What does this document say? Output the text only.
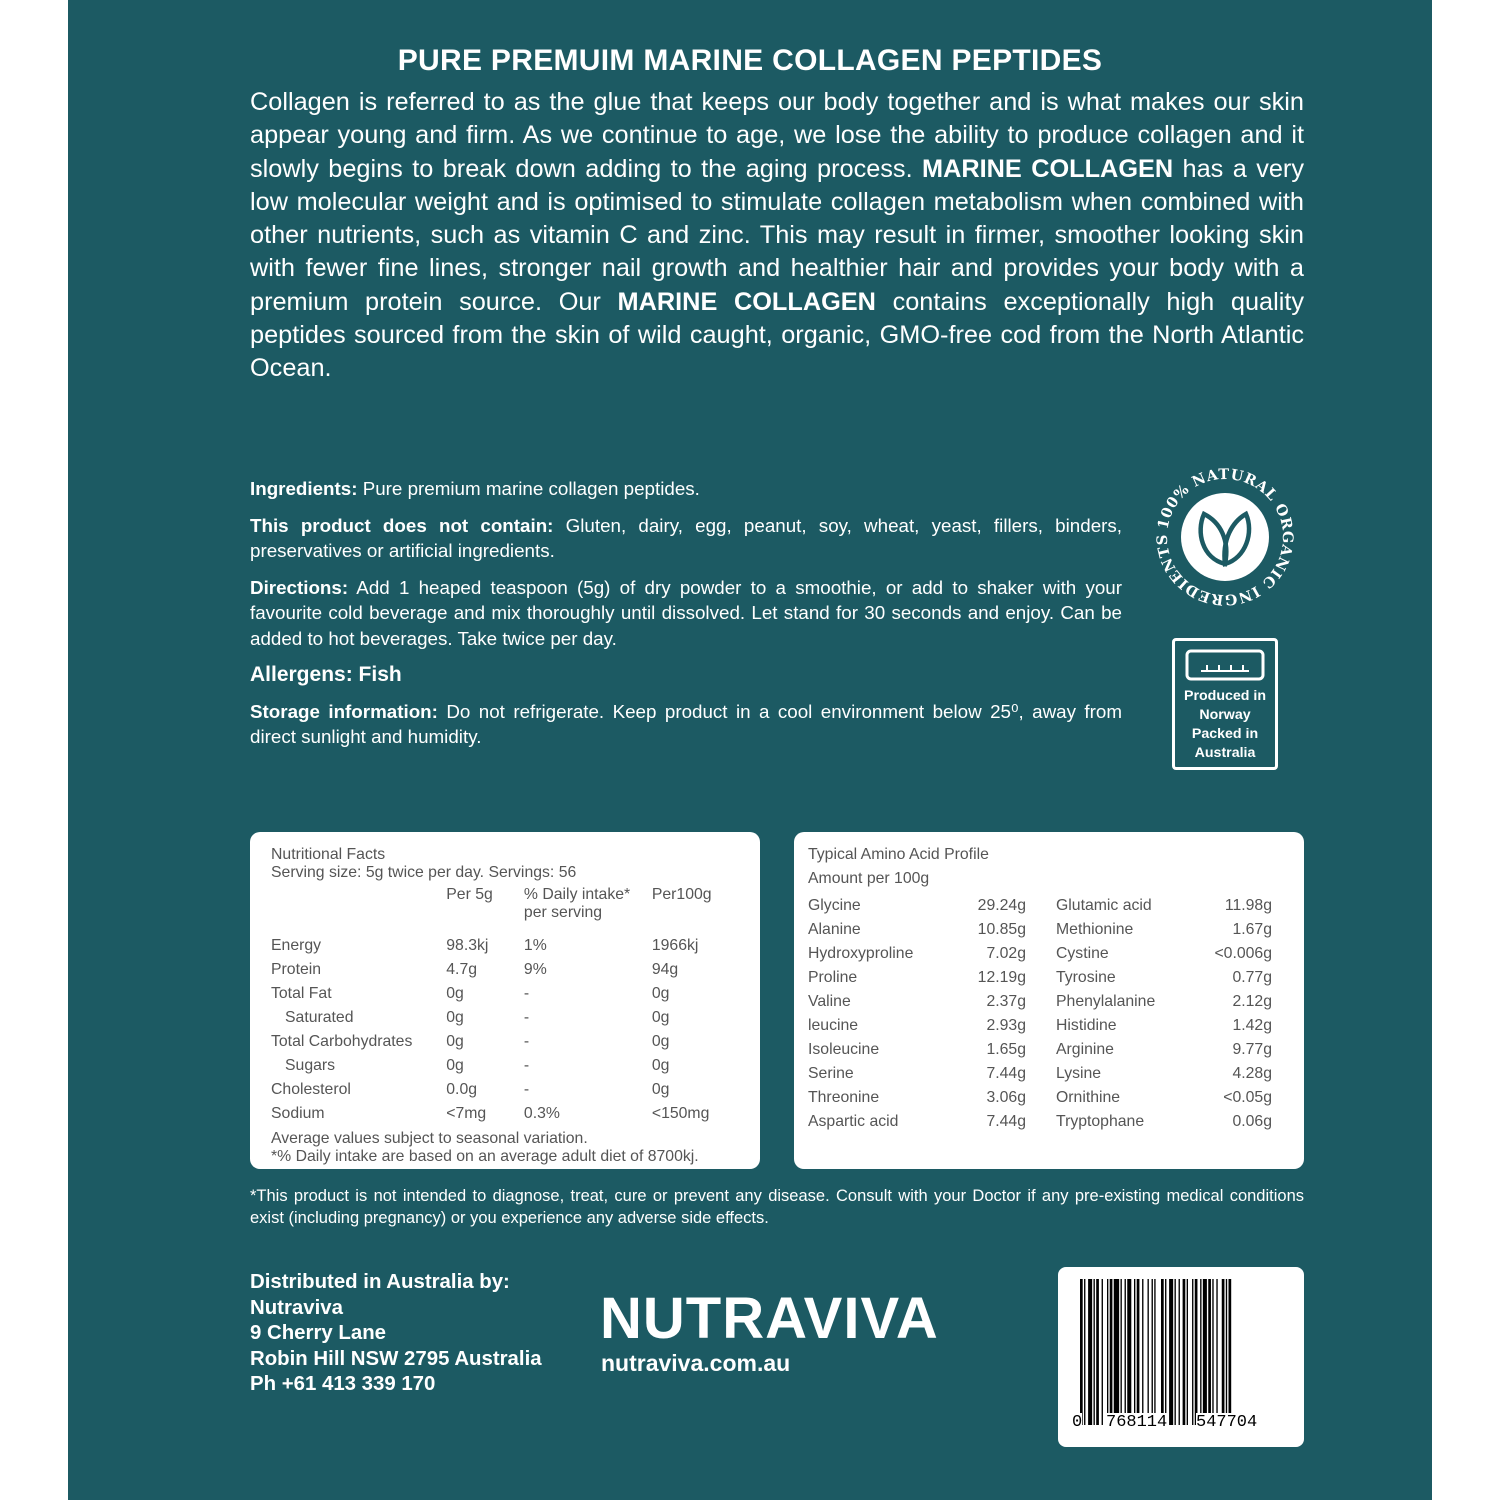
PURE PREMUIM MARINE COLLAGEN PEPTIDES

Collagen is referred to as the glue that keeps our body together and is what makes our skin appear young and firm. As we continue to age, we lose the ability to produce collagen and it slowly begins to break down adding to the aging process. MARINE COLLAGEN has a very low molecular weight and is optimised to stimulate collagen metabolism when combined with other nutrients, such as vitamin C and zinc. This may result in firmer, smoother looking skin with fewer fine lines, stronger nail growth and healthier hair and provides your body with a premium protein source. Our MARINE COLLAGEN contains exceptionally high quality peptides sourced from the skin of wild caught, organic, GMO-free cod from the North Atlantic Ocean.

Ingredients: Pure premium marine collagen peptides.

This product does not contain: Gluten, dairy, egg, peanut, soy, wheat, yeast, fillers, binders, preservatives or artificial ingredients.

Directions: Add 1 heaped teaspoon (5g) of dry powder to a smoothie, or add to shaker with your favourite cold beverage and mix thoroughly until dissolved. Let stand for 30 seconds and enjoy. Can be added to hot beverages. Take twice per day.

Allergens: Fish

Storage information: Do not refrigerate. Keep product in a cool environment below 25⁰, away from direct sunlight and humidity.

100% NATURAL ORGANIC INGREDIENTS
Produced in
Norway
Packed in
Australia
Nutritional Facts
Serving size: 5g twice per day. Servings: 56
	Per 5g	% Daily intake* per serving	Per100g
Energy	98.3kj	1%	1966kj
Protein	4.7g	9%	94g
Total Fat	0g	-	0g
Saturated	0g	-	0g
Total Carbohydrates	0g	-	0g
Sugars	0g	-	0g
Cholesterol	0.0g	-	0g
Sodium	<7mg	0.3%	<150mg
Average values subject to seasonal variation.
*% Daily intake are based on an average adult diet of 8700kj.
Typical Amino Acid Profile
Amount per 100g
Glycine	29.24g		Glutamic acid	11.98g
Alanine	10.85g		Methionine	1.67g
Hydroxyproline	7.02g		Cystine	<0.006g
Proline	12.19g		Tyrosine	0.77g
Valine	2.37g		Phenylalanine	2.12g
leucine	2.93g		Histidine	1.42g
Isoleucine	1.65g		Arginine	9.77g
Serine	7.44g		Lysine	4.28g
Threonine	3.06g		Ornithine	<0.05g
Aspartic acid	7.44g		Tryptophane	0.06g

*This product is not intended to diagnose, treat, cure or prevent any disease. Consult with your Doctor if any pre-existing medical conditions exist (including pregnancy) or you experience any adverse side effects.

Distributed in Australia by:
Nutraviva
9 Cherry Lane
Robin Hill NSW 2795 Australia
Ph +61 413 339 170
NUTRAVIVA
nutraviva.com.au
0 768114 547704
